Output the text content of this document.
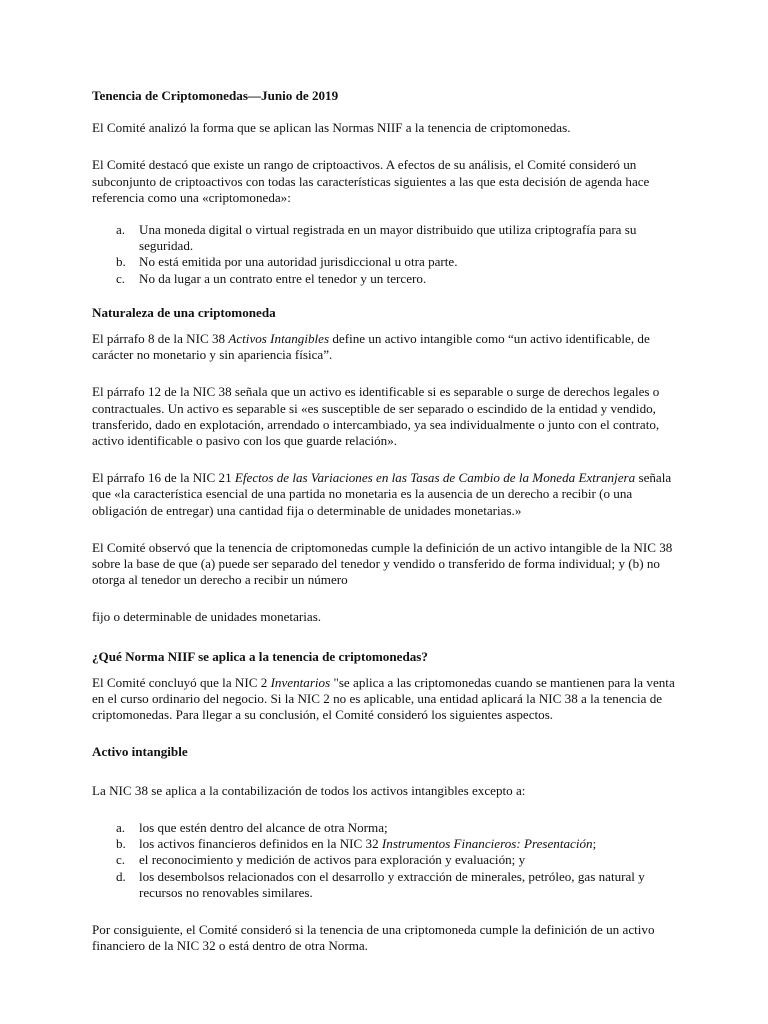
Tenencia de Criptomonedas—Junio de 2019

El Comité analizó la forma que se aplican las Normas NIIF a la tenencia de criptomonedas.

El Comité destacó que existe un rango de criptoactivos. A efectos de su análisis, el Comité consideró un subconjunto de criptoactivos con todas las características siguientes a las que esta decisión de agenda hace referencia como una «criptomoneda»:

a. Una moneda digital o virtual registrada en un mayor distribuido que utiliza criptografía para su seguridad.
b. No está emitida por una autoridad jurisdiccional u otra parte.
c. No da lugar a un contrato entre el tenedor y un tercero.

Naturaleza de una criptomoneda

El párrafo 8 de la NIC 38 Activos Intangibles define un activo intangible como “un activo identificable, de carácter no monetario y sin apariencia física”.

El párrafo 12 de la NIC 38 señala que un activo es identificable si es separable o surge de derechos legales o contractuales. Un activo es separable si «es susceptible de ser separado o escindido de la entidad y vendido, transferido, dado en explotación, arrendado o intercambiado, ya sea individualmente o junto con el contrato, activo identificable o pasivo con los que guarde relación».

El párrafo 16 de la NIC 21 Efectos de las Variaciones en las Tasas de Cambio de la Moneda Extranjera señala que «la característica esencial de una partida no monetaria es la ausencia de un derecho a recibir (o una obligación de entregar) una cantidad fija o determinable de unidades monetarias.»

El Comité observó que la tenencia de criptomonedas cumple la definición de un activo intangible de la NIC 38 sobre la base de que (a) puede ser separado del tenedor y vendido o transferido de forma individual; y (b) no otorga al tenedor un derecho a recibir un número

fijo o determinable de unidades monetarias.

¿Qué Norma NIIF se aplica a la tenencia de criptomonedas?

El Comité concluyó que la NIC 2 Inventarios "se aplica a las criptomonedas cuando se mantienen para la venta en el curso ordinario del negocio. Si la NIC 2 no es aplicable, una entidad aplicará la NIC 38 a la tenencia de criptomonedas. Para llegar a su conclusión, el Comité consideró los siguientes aspectos.

Activo intangible

La NIC 38 se aplica a la contabilización de todos los activos intangibles excepto a:

a. los que estén dentro del alcance de otra Norma;
b. los activos financieros definidos en la NIC 32 Instrumentos Financieros: Presentación;
c. el reconocimiento y medición de activos para exploración y evaluación; y
d. los desembolsos relacionados con el desarrollo y extracción de minerales, petróleo, gas natural y recursos no renovables similares.

Por consiguiente, el Comité consideró si la tenencia de una criptomoneda cumple la definición de un activo financiero de la NIC 32 o está dentro de otra Norma.
